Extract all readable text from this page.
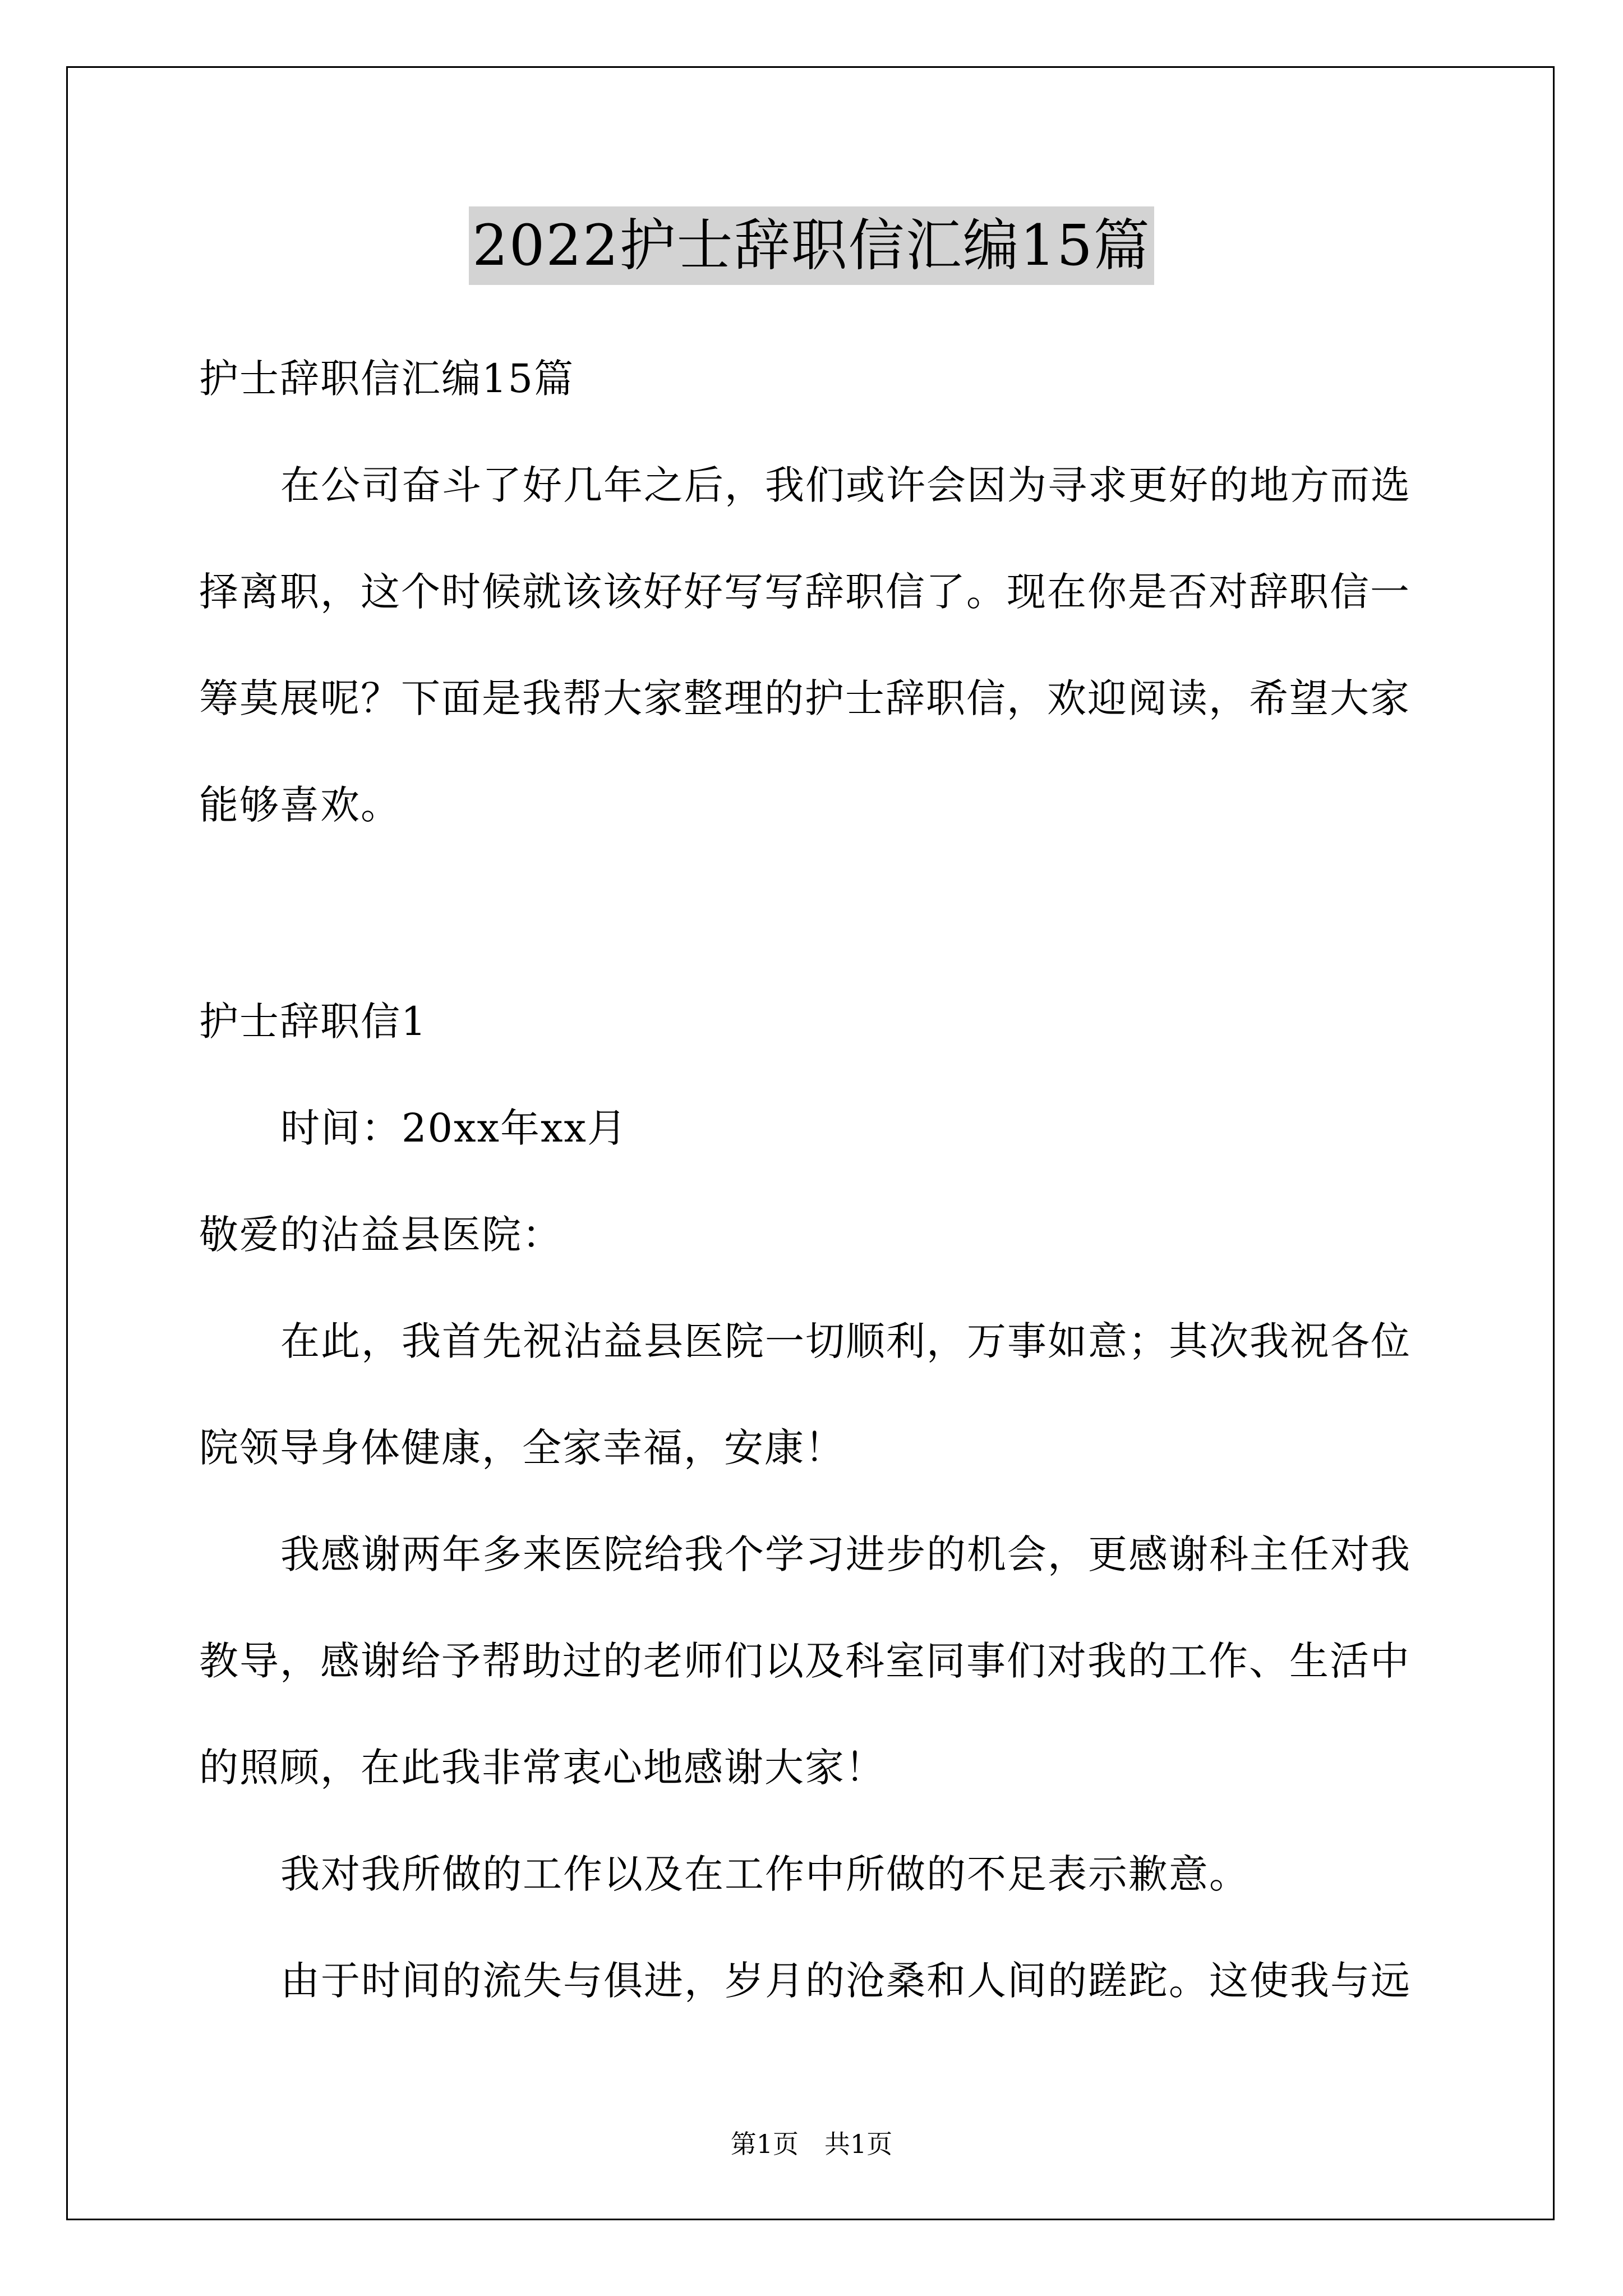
2022护士辞职信汇编15篇
护士辞职信汇编15篇
在公司奋斗了好几年之后，我们或许会因为寻求更好的地方而选
择离职，这个时候就该该好好写写辞职信了。现在你是否对辞职信一
筹莫展呢？下面是我帮大家整理的护士辞职信，欢迎阅读，希望大家
能够喜欢。
护士辞职信1
时间：20xx年xx月
敬爱的沾益县医院：
在此，我首先祝沾益县医院一切顺利，万事如意；其次我祝各位
院领导身体健康，全家幸福，安康！
我感谢两年多来医院给我个学习进步的机会，更感谢科主任对我
教导，感谢给予帮助过的老师们以及科室同事们对我的工作、生活中
的照顾，在此我非常衷心地感谢大家！
我对我所做的工作以及在工作中所做的不足表示歉意。
由于时间的流失与俱进，岁月的沧桑和人间的蹉跎。这使我与远
第1页 共1页
